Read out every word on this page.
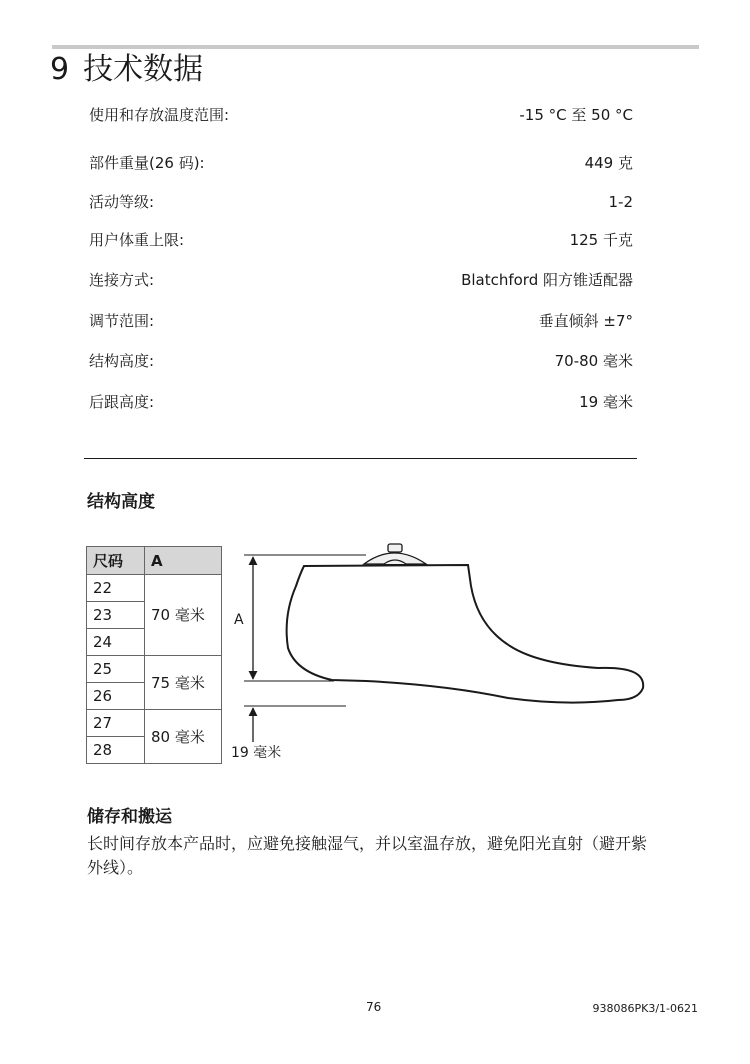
9 技术数据
使用和存放温度范围:	-15 °C 至 50 °C
部件重量(26 码):	449 克
活动等级:	1-2
用户体重上限:	125 千克
连接方式:	Blatchford 阳方锥适配器
调节范围:	垂直倾斜 ±7°
结构高度:	70-80 毫米
后跟高度:	19 毫米
结构高度
尺码	A
22	70 毫米
23	
24	
25	75 毫米
26	
27	80 毫米
28	
A
19 毫米
储存和搬运

长时间存放本产品时，应避免接触湿气，并以室温存放，避免阳光直射（避开紫外线）。

76	938086PK3/1-0621
